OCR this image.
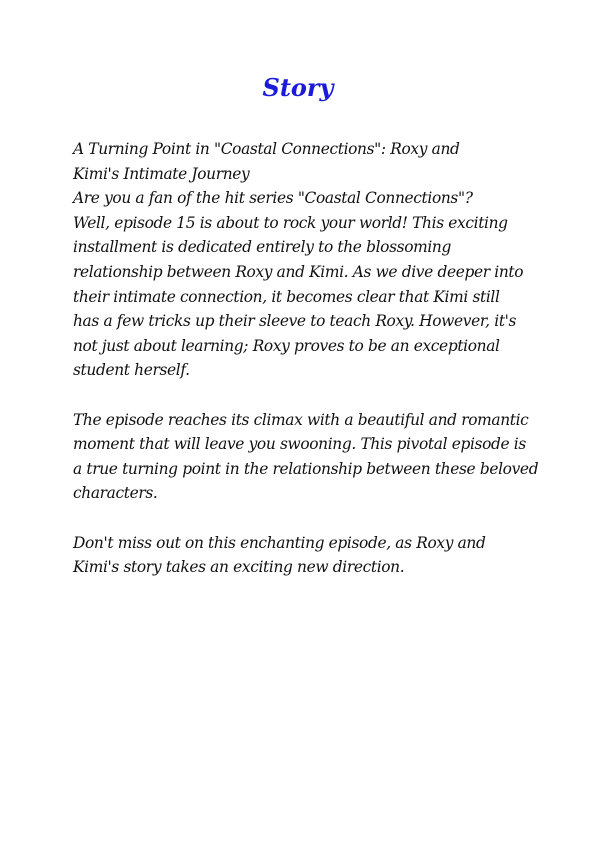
Story

A Turning Point in "Coastal Connections": Roxy and
Kimi's Intimate Journey
Are you a fan of the hit series "Coastal Connections"?
Well, episode 15 is about to rock your world! This exciting
installment is dedicated entirely to the blossoming
relationship between Roxy and Kimi. As we dive deeper into
their intimate connection, it becomes clear that Kimi still
has a few tricks up their sleeve to teach Roxy. However, it's
not just about learning; Roxy proves to be an exceptional
student herself.

The episode reaches its climax with a beautiful and romantic
moment that will leave you swooning. This pivotal episode is
a true turning point in the relationship between these beloved
characters.

Don't miss out on this enchanting episode, as Roxy and
Kimi's story takes an exciting new direction.
